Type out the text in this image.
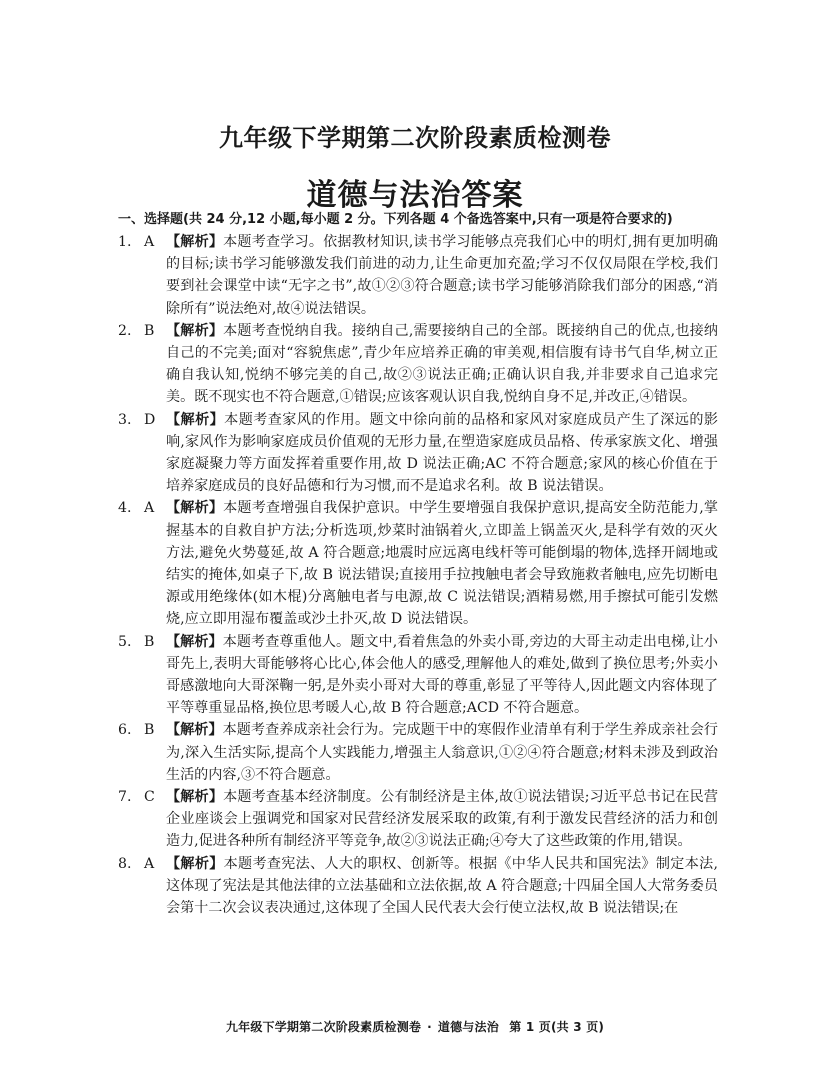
九年级下学期第二次阶段素质检测卷
道德与法治答案
一、选择题(共 24 分,12 小题,每小题 2 分。下列各题 4 个备选答案中,只有一项是符合要求的)
1. A 【解析】本题考查学习。依据教材知识,读书学习能够点亮我们心中的明灯,拥有更加明确的目标;读书学习能够激发我们前进的动力,让生命更加充盈;学习不仅仅局限在学校,我们要到社会课堂中读“无字之书”,故①②③符合题意;读书学习能够消除我们部分的困惑,“消除所有”说法绝对,故④说法错误。
2. B 【解析】本题考查悦纳自我。接纳自己,需要接纳自己的全部。既接纳自己的优点,也接纳自己的不完美;面对“容貌焦虑”,青少年应培养正确的审美观,相信腹有诗书气自华,树立正确自我认知,悦纳不够完美的自己,故②③说法正确;正确认识自我,并非要求自己追求完美。既不现实也不符合题意,①错误;应该客观认识自我,悦纳自身不足,并改正,④错误。
3. D 【解析】本题考查家风的作用。题文中徐向前的品格和家风对家庭成员产生了深远的影响,家风作为影响家庭成员价值观的无形力量,在塑造家庭成员品格、传承家族文化、增强家庭凝聚力等方面发挥着重要作用,故 D 说法正确;AC 不符合题意;家风的核心价值在于培养家庭成员的良好品德和行为习惯,而不是追求名利。故 B 说法错误。
4. A 【解析】本题考查增强自我保护意识。中学生要增强自我保护意识,提高安全防范能力,掌握基本的自救自护方法;分析选项,炒菜时油锅着火,立即盖上锅盖灭火,是科学有效的灭火方法,避免火势蔓延,故 A 符合题意;地震时应远离电线杆等可能倒塌的物体,选择开阔地或结实的掩体,如桌子下,故 B 说法错误;直接用手拉拽触电者会导致施救者触电,应先切断电源或用绝缘体(如木棍)分离触电者与电源,故 C 说法错误;酒精易燃,用手擦拭可能引发燃烧,应立即用湿布覆盖或沙土扑灭,故 D 说法错误。
5. B 【解析】本题考查尊重他人。题文中,看着焦急的外卖小哥,旁边的大哥主动走出电梯,让小哥先上,表明大哥能够将心比心,体会他人的感受,理解他人的难处,做到了换位思考;外卖小哥感激地向大哥深鞠一躬,是外卖小哥对大哥的尊重,彰显了平等待人,因此题文内容体现了平等尊重显品格,换位思考暖人心,故 B 符合题意;ACD 不符合题意。
6. B 【解析】本题考查养成亲社会行为。完成题干中的寒假作业清单有利于学生养成亲社会行为,深入生活实际,提高个人实践能力,增强主人翁意识,①②④符合题意;材料未涉及到政治生活的内容,③不符合题意。
7. C 【解析】本题考查基本经济制度。公有制经济是主体,故①说法错误;习近平总书记在民营企业座谈会上强调党和国家对民营经济发展采取的政策,有利于激发民营经济的活力和创造力,促进各种所有制经济平等竞争,故②③说法正确;④夸大了这些政策的作用,错误。
8. A 【解析】本题考查宪法、人大的职权、创新等。根据《中华人民共和国宪法》制定本法,这体现了宪法是其他法律的立法基础和立法依据,故 A 符合题意;十四届全国人大常务委员会第十二次会议表决通过,这体现了全国人民代表大会行使立法权,故 B 说法错误;在
九年级下学期第二次阶段素质检测卷 · 道德与法治 第 1 页(共 3 页)
